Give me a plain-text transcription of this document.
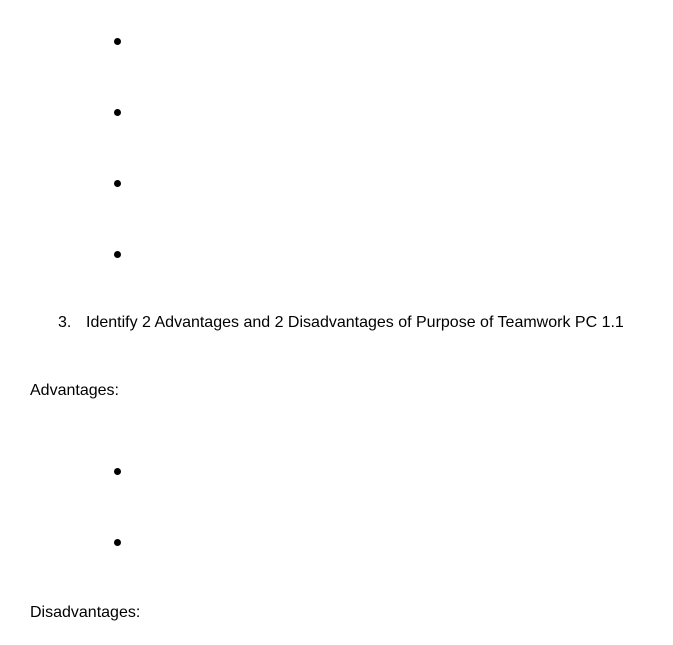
3. Identify 2 Advantages and 2 Disadvantages of Purpose of Teamwork PC 1.1
Advantages:
Disadvantages:
